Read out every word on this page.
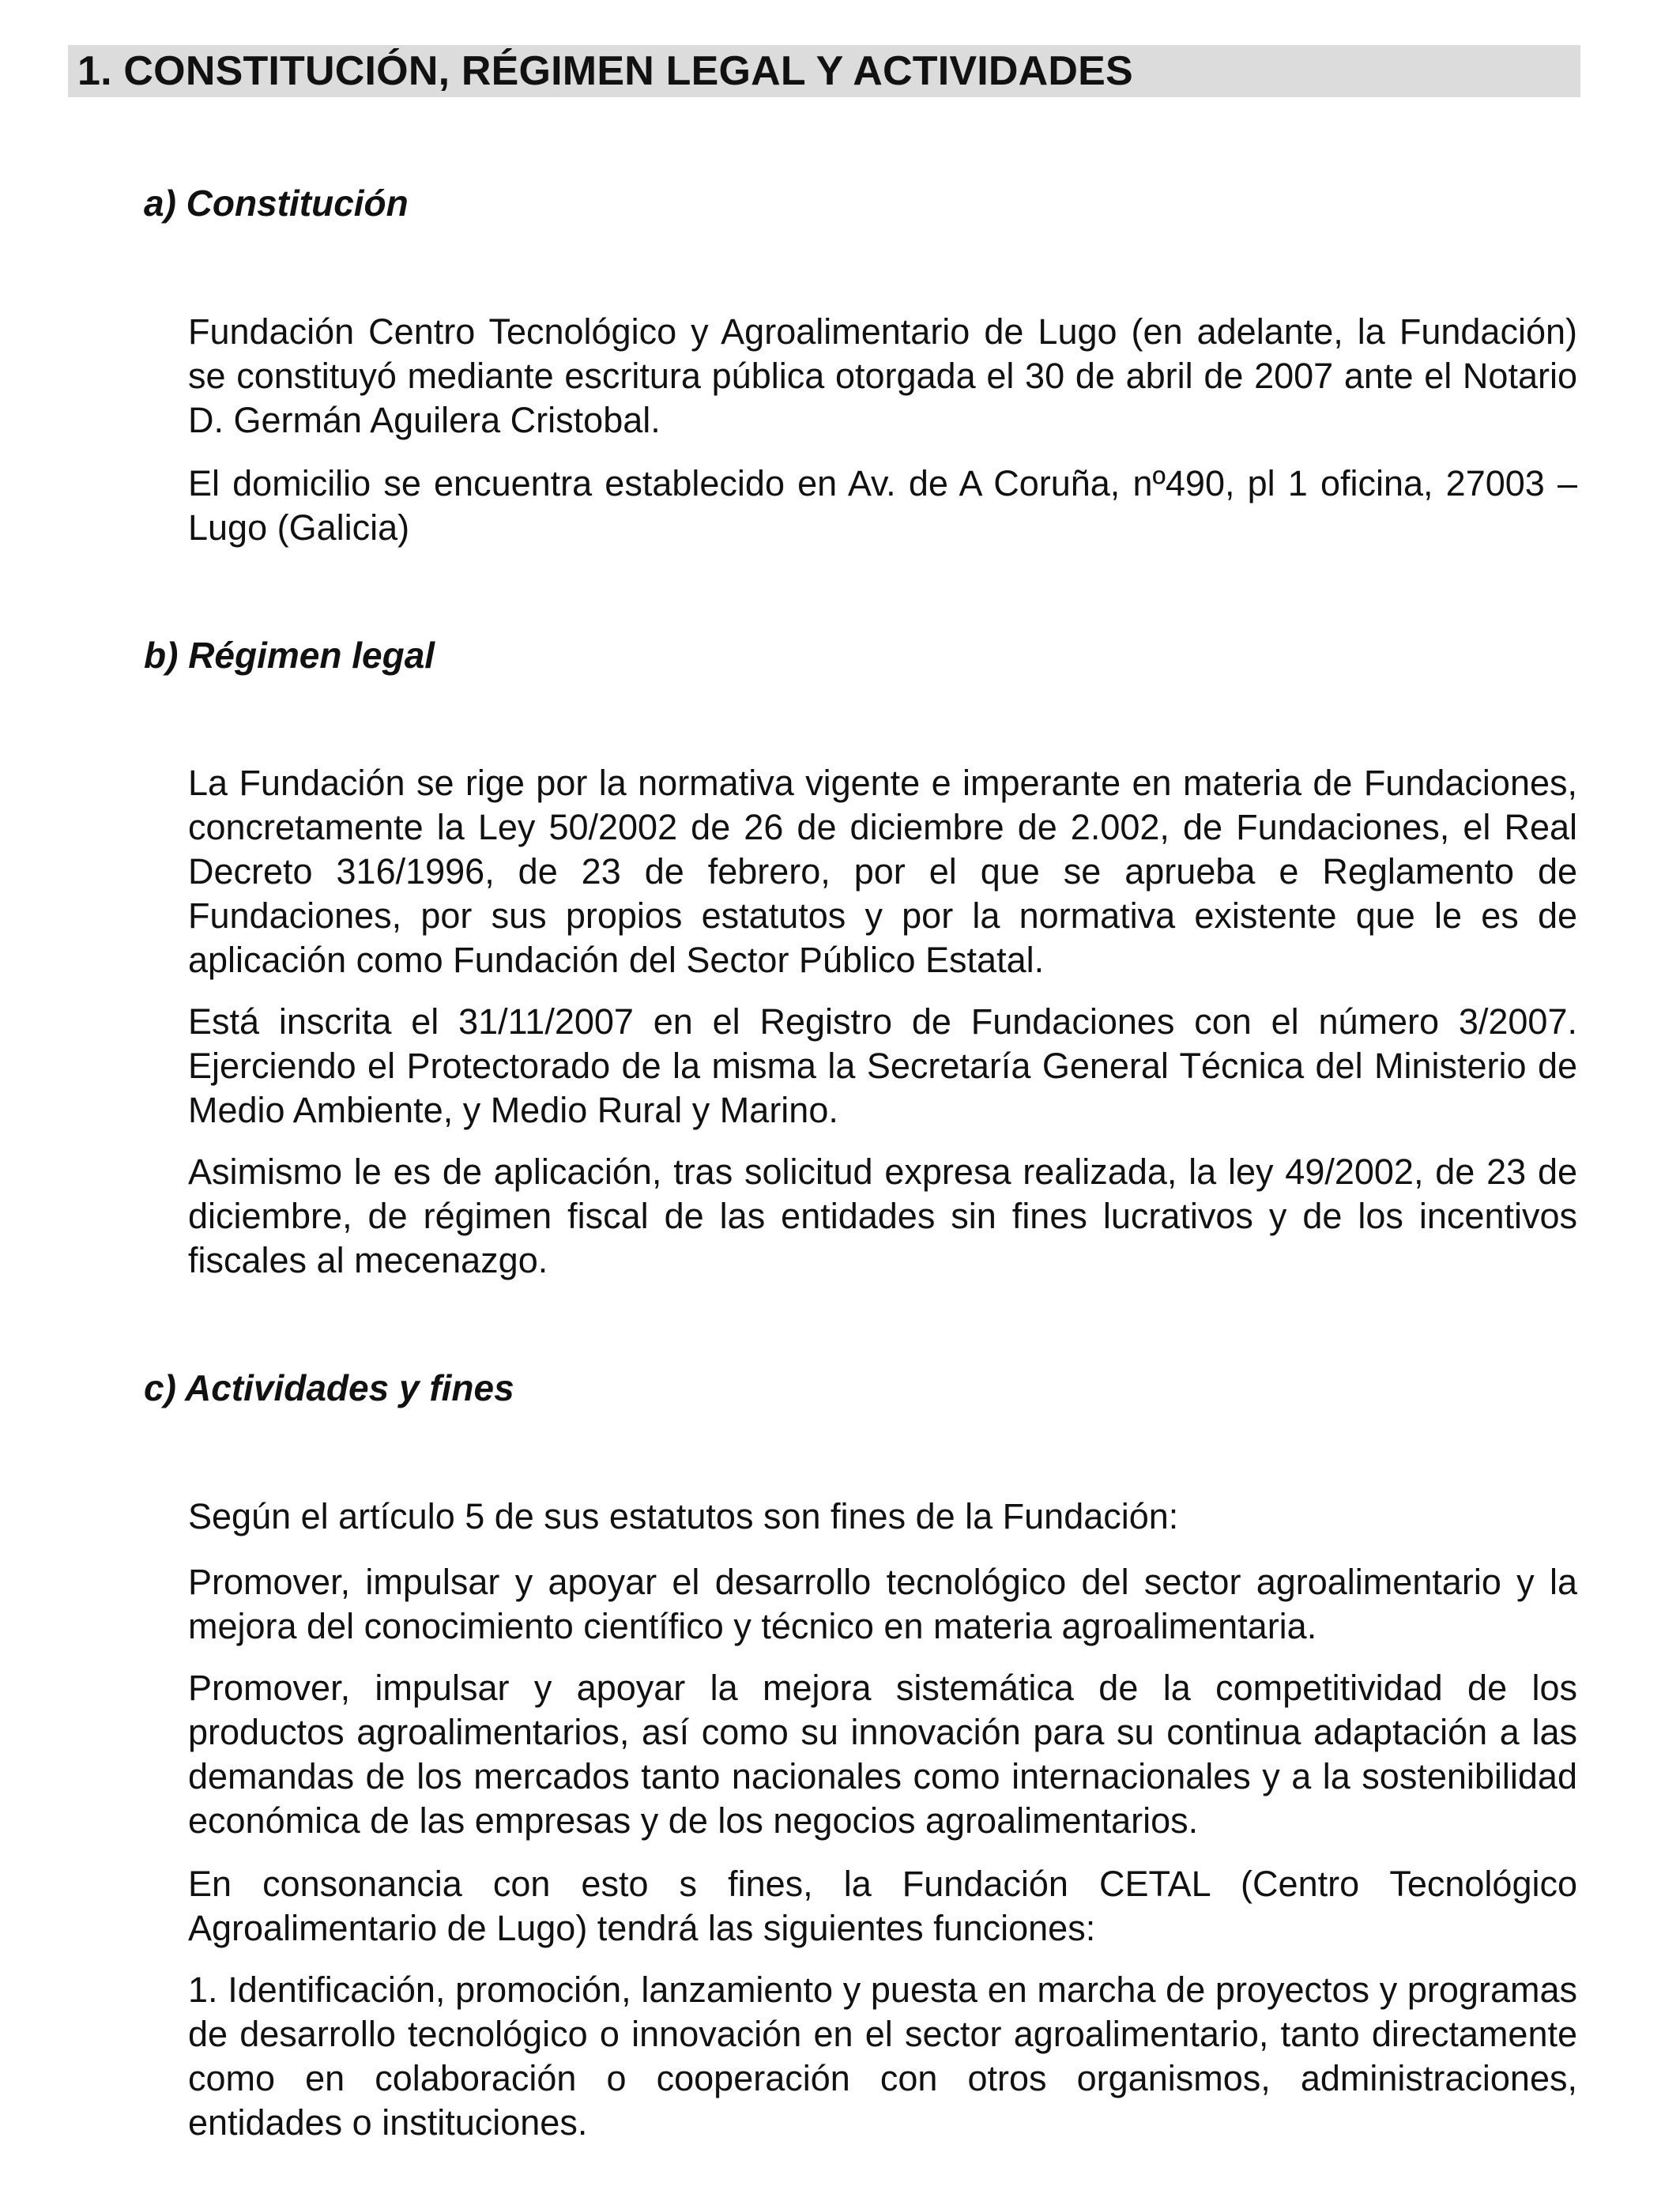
1. CONSTITUCIÓN, RÉGIMEN LEGAL Y ACTIVIDADES
a) Constitución

Fundación Centro Tecnológico y Agroalimentario de Lugo (en adelante, la Fundación) se constituyó mediante escritura pública otorgada el 30 de abril de 2007 ante el Notario D. Germán Aguilera Cristobal.

El domicilio se encuentra establecido en Av. de A Coruña, nº490, pl 1 oficina, 27003 – Lugo (Galicia)

b) Régimen legal

La Fundación se rige por la normativa vigente e imperante en materia de Fundaciones, concretamente la Ley 50/2002 de 26 de diciembre de 2.002, de Fundaciones, el Real Decreto 316/1996, de 23 de febrero, por el que se aprueba e Reglamento de Fundaciones, por sus propios estatutos y por la normativa existente que le es de aplicación como Fundación del Sector Público Estatal.

Está inscrita el 31/11/2007 en el Registro de Fundaciones con el número 3/2007. Ejerciendo el Protectorado de la misma la Secretaría General Técnica del Ministerio de Medio Ambiente, y Medio Rural y Marino.

Asimismo le es de aplicación, tras solicitud expresa realizada, la ley 49/2002, de 23 de diciembre, de régimen fiscal de las entidades sin fines lucrativos y de los incentivos fiscales al mecenazgo.

c) Actividades y fines

Según el artículo 5 de sus estatutos son fines de la Fundación:

Promover, impulsar y apoyar el desarrollo tecnológico del sector agroalimentario y la mejora del conocimiento científico y técnico en materia agroalimentaria.

Promover, impulsar y apoyar la mejora sistemática de la competitividad de los productos agroalimentarios, así como su innovación para su continua adaptación a las demandas de los mercados tanto nacionales como internacionales y a la sostenibilidad económica de las empresas y de los negocios agroalimentarios.

En consonancia con esto s fines, la Fundación CETAL (Centro Tecnológico Agroalimentario de Lugo) tendrá las siguientes funciones:

1. Identificación, promoción, lanzamiento y puesta en marcha de proyectos y programas de desarrollo tecnológico o innovación en el sector agroalimentario, tanto directamente como en colaboración o cooperación con otros organismos, administraciones, entidades o instituciones.
